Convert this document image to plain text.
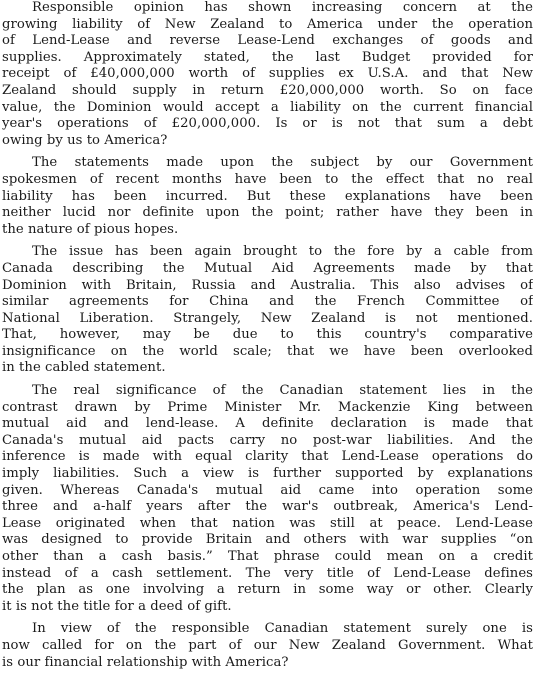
Responsible opinion has shown increasing concern at the
growing liability of New Zealand to America under the operation
of Lend-Lease and reverse Lease-Lend exchanges of goods and
supplies. Approximately stated, the last Budget provided for
receipt of £40,000,000 worth of supplies ex U.S.A. and that New
Zealand should supply in return £20,000,000 worth. So on face
value, the Dominion would accept a liability on the current financial
year's operations of £20,000,000. Is or is not that sum a debt
owing by us to America?
The statements made upon the subject by our Government
spokesmen of recent months have been to the effect that no real
liability has been incurred. But these explanations have been
neither lucid nor definite upon the point; rather have they been in
the nature of pious hopes.
The issue has been again brought to the fore by a cable from
Canada describing the Mutual Aid Agreements made by that
Dominion with Britain, Russia and Australia. This also advises of
similar agreements for China and the French Committee of
National Liberation. Strangely, New Zealand is not mentioned.
That, however, may be due to this country's comparative
insignificance on the world scale; that we have been overlooked
in the cabled statement.
The real significance of the Canadian statement lies in the
contrast drawn by Prime Minister Mr. Mackenzie King between
mutual aid and lend-lease. A definite declaration is made that
Canada's mutual aid pacts carry no post-war liabilities. And the
inference is made with equal clarity that Lend-Lease operations do
imply liabilities. Such a view is further supported by explanations
given. Whereas Canada's mutual aid came into operation some
three and a-half years after the war's outbreak, America's Lend-
Lease originated when that nation was still at peace. Lend-Lease
was designed to provide Britain and others with war supplies “on
other than a cash basis.” That phrase could mean on a credit
instead of a cash settlement. The very title of Lend-Lease defines
the plan as one involving a return in some way or other. Clearly
it is not the title for a deed of gift.
In view of the responsible Canadian statement surely one is
now called for on the part of our New Zealand Government. What
is our financial relationship with America?
